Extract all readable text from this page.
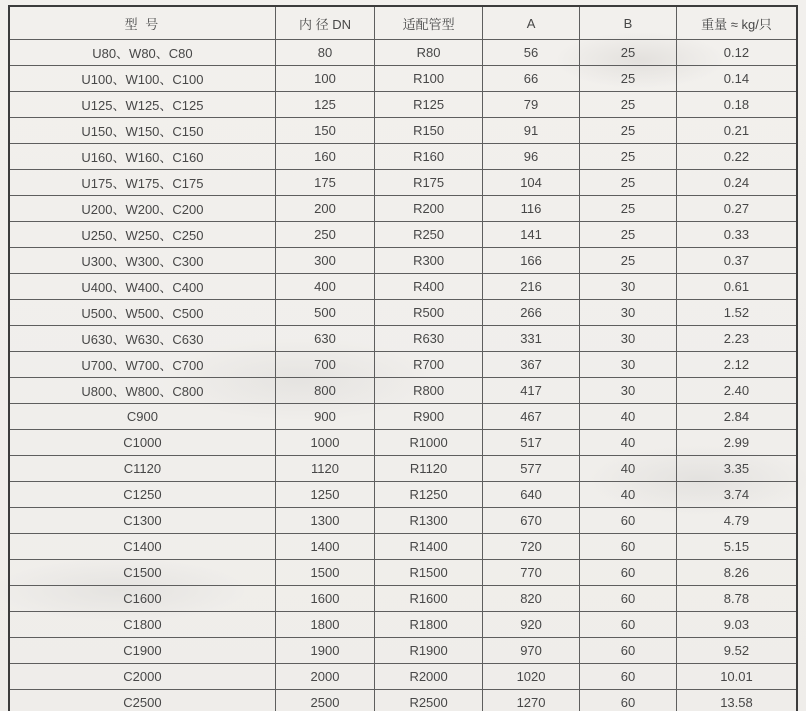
型 号	内 径 DN	适配管型	A	B	重量 ≈ kg/只
U80、W80、C80	80	R80	56	25	0.12
U100、W100、C100	100	R100	66	25	0.14
U125、W125、C125	125	R125	79	25	0.18
U150、W150、C150	150	R150	91	25	0.21
U160、W160、C160	160	R160	96	25	0.22
U175、W175、C175	175	R175	104	25	0.24
U200、W200、C200	200	R200	116	25	0.27
U250、W250、C250	250	R250	141	25	0.33
U300、W300、C300	300	R300	166	25	0.37
U400、W400、C400	400	R400	216	30	0.61
U500、W500、C500	500	R500	266	30	1.52
U630、W630、C630	630	R630	331	30	2.23
U700、W700、C700	700	R700	367	30	2.12
U800、W800、C800	800	R800	417	30	2.40
C900	900	R900	467	40	2.84
C1000	1000	R1000	517	40	2.99
C1120	1120	R1120	577	40	3.35
C1250	1250	R1250	640	40	3.74
C1300	1300	R1300	670	60	4.79
C1400	1400	R1400	720	60	5.15
C1500	1500	R1500	770	60	8.26
C1600	1600	R1600	820	60	8.78
C1800	1800	R1800	920	60	9.03
C1900	1900	R1900	970	60	9.52
C2000	2000	R2000	1020	60	10.01
C2500	2500	R2500	1270	60	13.58
